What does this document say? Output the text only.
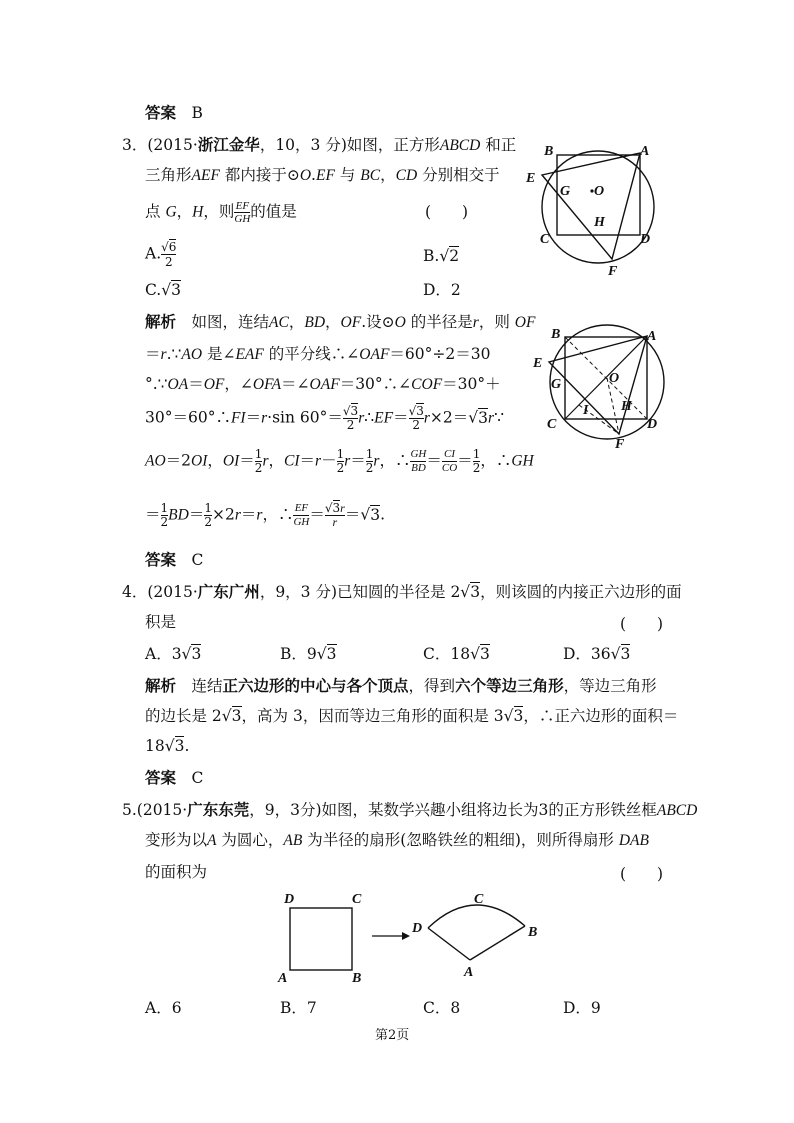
答案　B
3．(2015·浙江金华，10，3 分)如图，正方形ABCD 和正
三角形AEF 都内接于⊙O.EF 与 BC，CD 分别相交于
点 G，H，则 $\frac{EF}{GH}$ 的值是	(　　)
A. $\frac{√6}{2}$	B.√2
C.√3	D．2
解析　如图，连结AC，BD，OF.设⊙O 的半径是r，则 OF
＝r.∵AO 是∠EAF 的平分线∴∠OAF＝60°÷2＝30
°.∵OA＝OF，∠OFA＝∠OAF＝30°∴∠COF＝30°＋
30°＝60°∴FI＝r·sin $60^\circ= \frac{√3}{2}$ r∴EF＝ $\frac{√3}{2}$ r×2＝√3r∵
AO＝2OI，$OI= \frac{1}{2}$ r，$CI=r- \frac{1}{2} r= \frac{1}{2}$ r，∴ $\frac{GH}{BD} = \frac{CI}{CO} = \frac{1}{2}$ ，∴GH
＝ $\frac{1}{2} BD= \frac{1}{2} \times 2r=r$，∴ $\frac{EF}{GH} = \frac{√3r}{r} =√3$.
答案　C
B	A
E
G O
H
C	D
F
B	A
E
G	O
I H
C	D
F
4．(2015·广东广州，9，3 分)已知圆的半径是 2√3，则该圆的内接正六边形的面
积是	(　　)
A．3√3	B．9√3	C．18√3	D．36√3
解析　连结正六边形的中心与各个顶点，得到六个等边三角形，等边三角形
的边长是 2√3，高为 3，因而等边三角形的面积是 3√3，∴正六边形的面积＝
18√3.
答案　C
5.(2015·广东东莞，9，3分)如图，某数学兴趣小组将边长为3的正方形铁丝框ABCD
变形为以A 为圆心，AB 为半径的扇形(忽略铁丝的粗细)，则所得扇形 DAB
的面积为	(　　)
D	C
A	B
D
C
B
A
A．6	B．7	C．8	D．9
第2页
